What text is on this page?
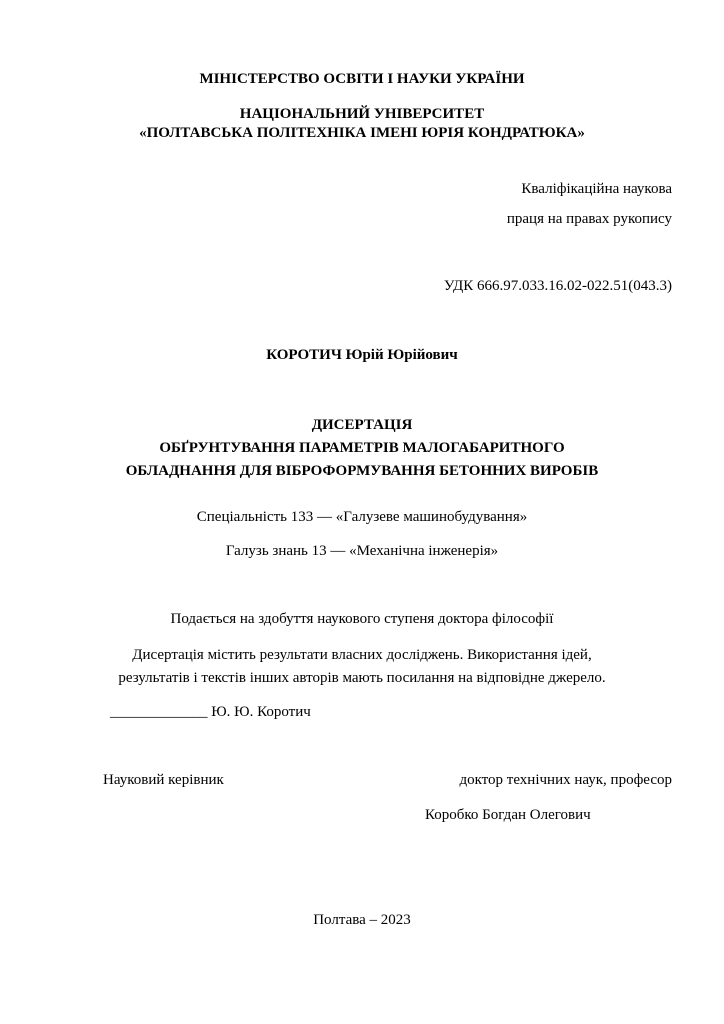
МІНІСТЕРСТВО ОСВІТИ І НАУКИ УКРАЇНИ
НАЦІОНАЛЬНИЙ УНІВЕРСИТЕТ
«ПОЛТАВСЬКА ПОЛІТЕХНІКА ІМЕНІ ЮРІЯ КОНДРАТЮКА»
Кваліфікаційна наукова
праця на правах рукопису
УДК 666.97.033.16.02-022.51(043.3)
КОРОТИЧ Юрій Юрійович
ДИСЕРТАЦІЯ
ОБҐРУНТУВАННЯ ПАРАМЕТРІВ МАЛОГАБАРИТНОГО
ОБЛАДНАННЯ ДЛЯ ВІБРОФОРМУВАННЯ БЕТОННИХ ВИРОБІВ
Спеціальність 133 — «Галузеве машинобудування»
Галузь знань 13 — «Механічна інженерія»
Подається на здобуття наукового ступеня доктора філософії
Дисертація містить результати власних досліджень. Використання ідей,
результатів і текстів інших авторів мають посилання на відповідне джерело.
_____________ Ю. Ю. Коротич
Науковий керівник	доктор технічних наук, професор
Коробко Богдан Олегович
Полтава – 2023
